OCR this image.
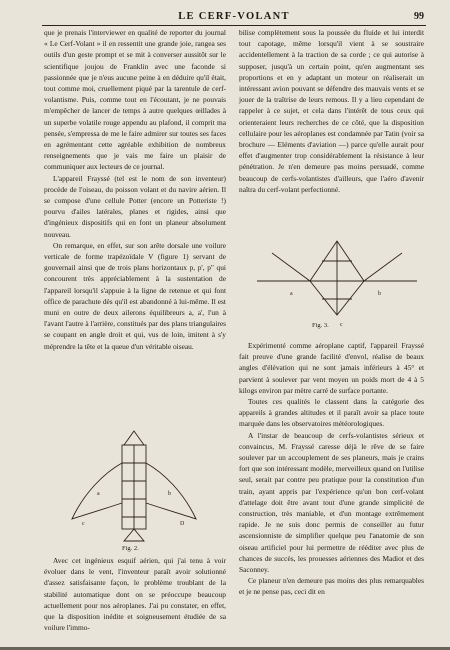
LE CERF-VOLANT	99

que je prenais l'interviewer en qualité de reporter du journal « Le Cerf-Volant » il en ressentit une grande joie, rangea ses outils d'un geste prompt et se mit à converser aussitôt sur le scientifique joujou de Franklin avec une faconde si passionnée que je n'eus aucune peine à en déduire qu'il était, tout comme moi, cruellement piqué par la tarentule de cerf-volantisme. Puis, comme tout en l'écoutant, je ne pouvais m'empêcher de lancer de temps à autre quelques œillades à un superbe volatile rouge appendu au plafond, il comprit ma pensée, s'empressa de me le faire admirer sur toutes ses faces en agrémentant cette agréable exhibition de nombreux renseignements que je vais me faire un plaisir de communiquer aux lecteurs de ce journal.

L'appareil Frayssé (tel est le nom de son inventeur) procède de l'oiseau, du poisson volant et du navire aérien. Il se compose d'une cellule Potter (encore un Potteriste !) pourvu d'ailes latérales, planes et rigides, ainsi que d'ingénieux dispositifs qui en font un planeur absolument nouveau.

On remarque, en effet, sur son arête dorsale une voilure verticale de forme trapézoïdale V (figure 1) servant de gouvernail ainsi que de trois plans horizontaux p, p', p" qui concourent très appréciablement à la sustentation de l'appareil lorsqu'il s'appuie à la ligne de retenue et qui font office de parachute dès qu'il est abandonné à lui-même. Il est muni en outre de deux ailerons équilibreurs a, a', l'un à l'avant l'autre à l'arrière, constitués par des plans triangulaires se coupant en angle droit et qui, vus de loin, imitent à s'y méprendre la tête et la queue d'un véritable oiseau.

a	b
c	D
Fig. 2.

Avec cet ingénieux esquif aérien, qui j'ai tenu à voir évoluer dans le vent, l'inventeur paraît avoir solutionné d'assez satisfaisante façon, le problème troublant de la stabilité automatique dont on se préoccupe beaucoup actuellement pour nos aéroplanes. J'ai pu constater, en effet, que la disposition inédite et soigneusement étudiée de sa voilure l'immo-

bilise complètement sous la poussée du fluide et lui interdit tout capotage, même lorsqu'il vient à se soustraire accidentellement à la traction de sa corde ; ce qui autorise à supposer, jusqu'à un certain point, qu'en augmentant ses proportions et en y adaptant un moteur on réaliserait un intéressant avion pouvant se défendre des mauvais vents et se jouer de la traîtrise de leurs remous. Il y a lieu cependant de rappeler à ce sujet, et cela dans l'intérêt de tous ceux qui orienteraient leurs recherches de ce côté, que la disposition cellulaire pour les aéroplanes est condamnée par Tatin (voir sa brochure — Eléments d'aviation —) parce qu'elle aurait pour effet d'augmenter trop considérablement la résistance à leur pénétration. Je n'en demeure pas moins persuadé, comme beaucoup de cerfs-volantistes d'ailleurs, que l'aéro d'avenir naîtra du cerf-volant perfectionné.

a	b
c
Fig. 3.

Expérimenté comme aéroplane captif, l'appareil Frayssé fait preuve d'une grande facilité d'envol, réalise de beaux angles d'élévation qui ne sont jamais inférieurs à 45° et parvient à soulever par vent moyen un poids mort de 4 à 5 kilogs environ par mètre carré de surface portante.

Toutes ces qualités le classent dans la catégorie des appareils à grandes altitudes et il paraît avoir sa place toute marquée dans les observatoires météorologiques.

A l'instar de beaucoup de cerfs-volantistes sérieux et convaincus, M. Frayssé caresse déjà le rêve de se faire soulever par un accouplement de ses planeurs, mais je crains fort que son intéressant modèle, merveilleux quand on l'utilise seul, serait par contre peu pratique pour la constitution d'un train, ayant appris par l'expérience qu'un bon cerf-volant d'attelage doit être avant tout d'une grande simplicité de construction, très maniable, et d'un montage extrêmement rapide. Je ne suis donc permis de conseiller au futur ascensionniste de simplifier quelque peu l'anatomie de son oiseau artificiel pour lui permettre de rééditer avec plus de chances de succès, les prouesses aériennes des Madiot et des Saconney.

Ce planeur n'en demeure pas moins des plus remarquables et je ne pense pas, ceci dit en
